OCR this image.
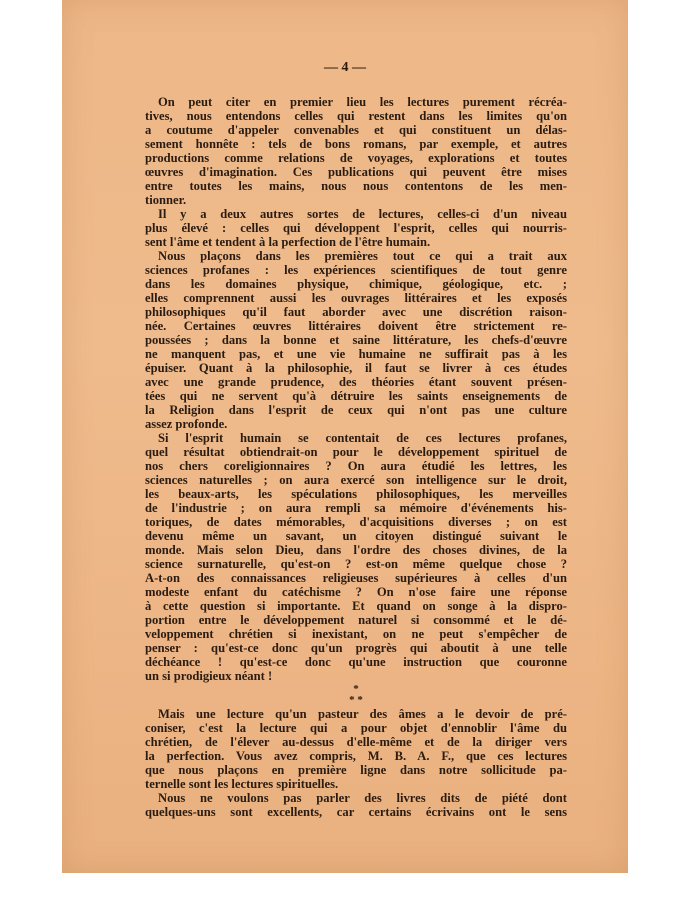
— 4 —
On peut citer en premier lieu les lectures purement récréa-
tives, nous entendons celles qui restent dans les limites qu'on
a coutume d'appeler convenables et qui constituent un délas-
sement honnête : tels de bons romans, par exemple, et autres
productions comme relations de voyages, explorations et toutes
œuvres d'imagination. Ces publications qui peuvent être mises
entre toutes les mains, nous nous contentons de les men-
tionner.
Il y a deux autres sortes de lectures, celles-ci d'un niveau
plus élevé : celles qui développent l'esprit, celles qui nourris-
sent l'âme et tendent à la perfection de l'être humain.
Nous plaçons dans les premières tout ce qui a trait aux
sciences profanes : les expériences scientifiques de tout genre
dans les domaines physique, chimique, géologique, etc. ;
elles comprennent aussi les ouvrages littéraires et les exposés
philosophiques qu'il faut aborder avec une discrétion raison-
née. Certaines œuvres littéraires doivent être strictement re-
poussées ; dans la bonne et saine littérature, les chefs-d'œuvre
ne manquent pas, et une vie humaine ne suffirait pas à les
épuiser. Quant à la philosophie, il faut se livrer à ces études
avec une grande prudence, des théories étant souvent présen-
tées qui ne servent qu'à détruire les saints enseignements de
la Religion dans l'esprit de ceux qui n'ont pas une culture
assez profonde.
Si l'esprit humain se contentait de ces lectures profanes,
quel résultat obtiendrait-on pour le développement spirituel de
nos chers coreligionnaires ? On aura étudié les lettres, les
sciences naturelles ; on aura exercé son intelligence sur le droit,
les beaux-arts, les spéculations philosophiques, les merveilles
de l'industrie ; on aura rempli sa mémoire d'événements his-
toriques, de dates mémorables, d'acquisitions diverses ; on est
devenu même un savant, un citoyen distingué suivant le
monde. Mais selon Dieu, dans l'ordre des choses divines, de la
science surnaturelle, qu'est-on ? est-on même quelque chose ?
A-t-on des connaissances religieuses supérieures à celles d'un
modeste enfant du catéchisme ? On n'ose faire une réponse
à cette question si importante. Et quand on songe à la dispro-
portion entre le développement naturel si consommé et le dé-
veloppement chrétien si inexistant, on ne peut s'empêcher de
penser : qu'est-ce donc qu'un progrès qui aboutit à une telle
déchéance ! qu'est-ce donc qu'une instruction que couronne
un si prodigieux néant !
*
* *
Mais une lecture qu'un pasteur des âmes a le devoir de pré-
coniser, c'est la lecture qui a pour objet d'ennoblir l'âme du
chrétien, de l'élever au-dessus d'elle-même et de la diriger vers
la perfection. Vous avez compris, M. B. A. F., que ces lectures
que nous plaçons en première ligne dans notre sollicitude pa-
ternelle sont les lectures spirituelles.
Nous ne voulons pas parler des livres dits de piété dont
quelques-uns sont excellents, car certains écrivains ont le sens
